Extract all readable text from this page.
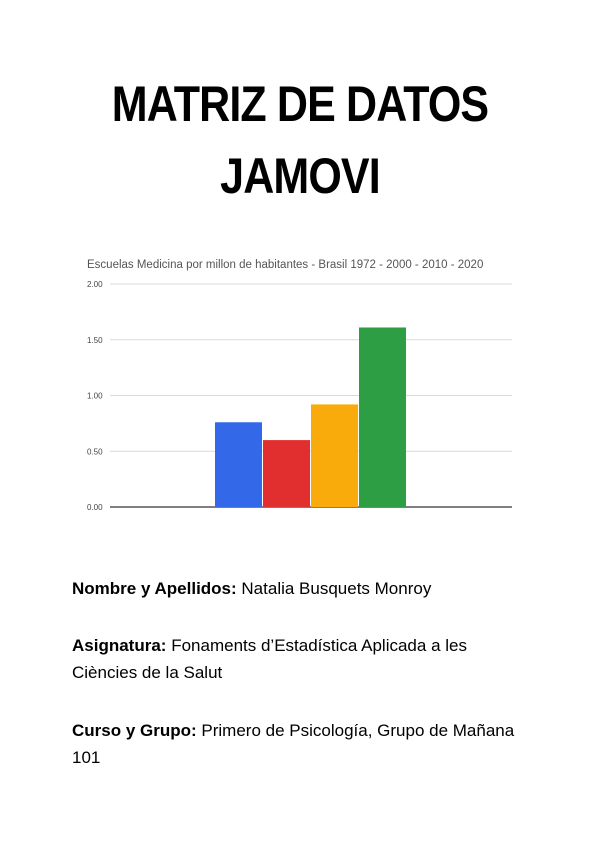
MATRIZ DE DATOS
JAMOVI
Escuelas Medicina por millon de habitantes - Brasil 1972 - 2000 - 2010 - 2020
0.00
0.50
1.00
1.50
2.00
Nombre y Apellidos: Natalia Busquets Monroy
Asignatura: Fonaments d’Estadística Aplicada a les Ciències de la Salut
Curso y Grupo: Primero de Psicología, Grupo de Mañana 101
